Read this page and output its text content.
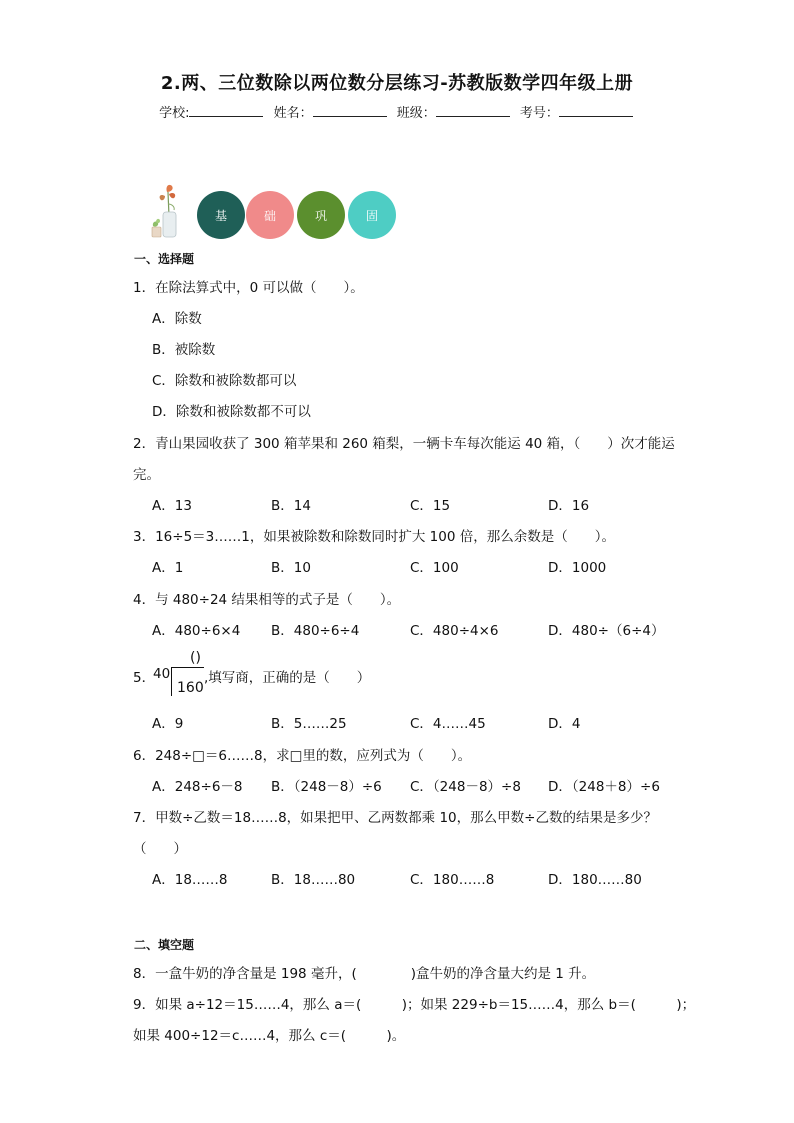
2.两、三位数除以两位数分层练习-苏教版数学四年级上册
学校:	姓名：	班级：	考号：
基	础	巩	固
一、选择题
1．在除法算式中，0 可以做（　　）。
A．除数
B．被除数
C．除数和被除数都可以
D．除数和被除数都不可以
2．青山果园收获了 300 箱苹果和 260 箱梨，一辆卡车每次能运 40 箱，（　　）次才能运
完。
A．13	B．14	C．15	D．16
3．16÷5＝3……1，如果被除数和除数同时扩大 100 倍，那么余数是（　　）。
A．1	B．10	C．100	D．1000
4．与 480÷24 结果相等的式子是（　　）。
A．480÷6×4 B．480÷6÷4	C．480÷4×6	D．480÷（6÷4）
5．
40
()
160
,填写商，正确的是（　　）
A．9	B．5……25	C．4……45	D．4
6．248÷□＝6……8，求□里的数，应列式为（　　）。
A．248÷6－8 B．（248－8）÷6 C．（248－8）÷8 D．（248＋8）÷6
7．甲数÷乙数＝18……8，如果把甲、乙两数都乘 10，那么甲数÷乙数的结果是多少？
（　　）
A．18……8	B．18……80	C．180……8	D．180……80
二、填空题
8．一盒牛奶的净含量是 198 毫升，(　　　　)盒牛奶的净含量大约是 1 升。
9．如果 a÷12＝15……4，那么 a＝(　　　)；如果 229÷b＝15……4，那么 b＝(　　　)；
如果 400÷12＝c……4，那么 c＝(　　　)。
